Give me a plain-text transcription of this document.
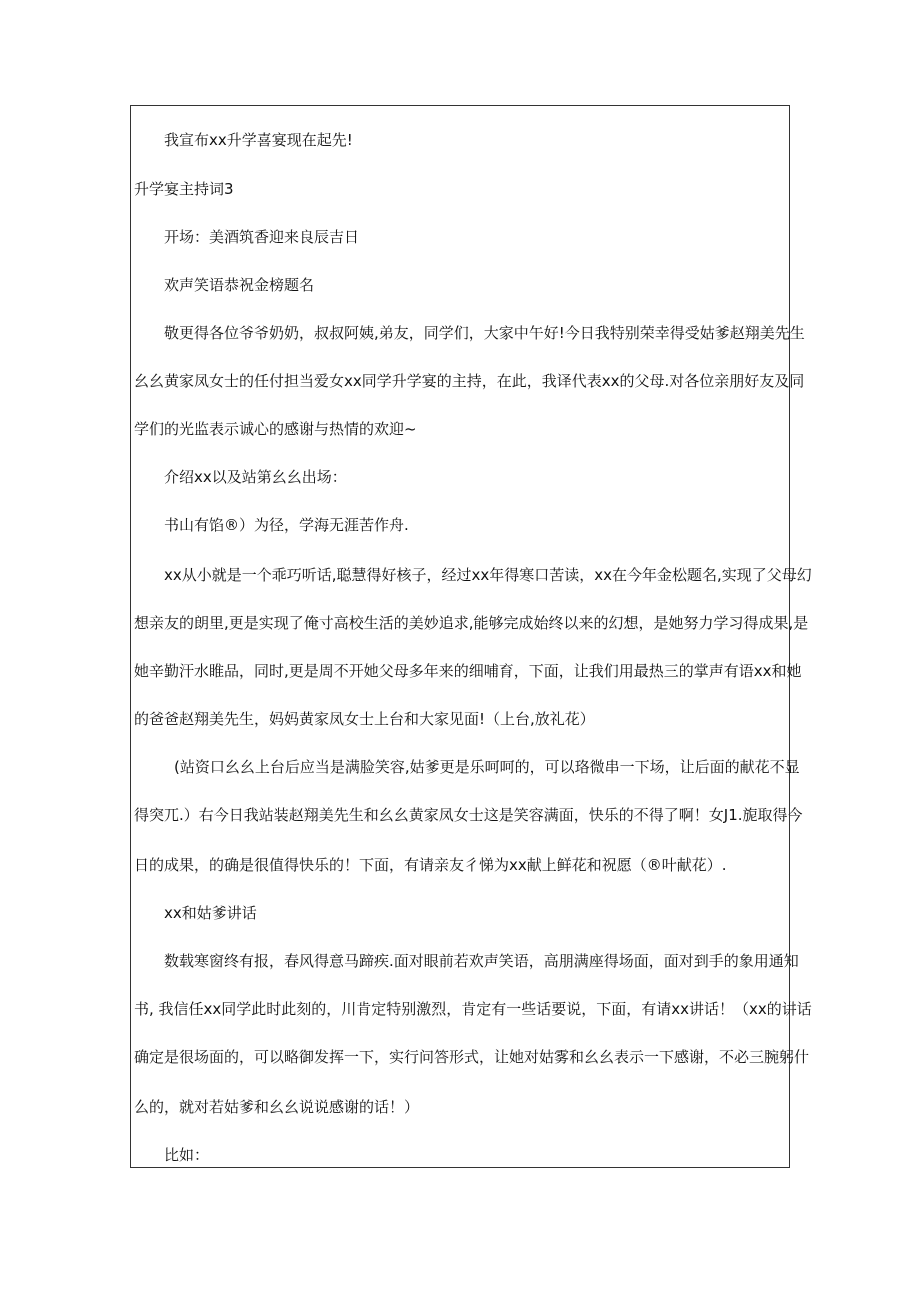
我宣布xx升学喜宴现在起先!
升学宴主持词3
开场：美酒筑香迎来良辰吉日
欢声笑语恭祝金榜题名
敬更得各位爷爷奶奶，叔叔阿姨,弟友，同学们，大家中午好!今日我特别荣幸得受姑爹赵翔美先生
幺幺黄家凤女士的任付担当爱女xx同学升学宴的主持，在此，我译代表xx的父母.对各位亲朋好友及同
学们的光监表示诚心的感谢与热情的欢迎~
介绍xx以及站第幺幺出场：
书山有馅®）为径，学海无涯苦作舟.
xx从小就是一个乖巧听话,聪慧得好核子，经过xx年得寒口苦读，xx在今年金松题名,实现了父母幻
想亲友的朗里,更是实现了俺寸高校生活的美妙追求,能够完成始终以来的幻想，是她努力学习得成果,是
她辛勤汗水睢品，同时,更是周不开她父母多年来的细哺育，下面，让我们用最热三的掌声有语xx和她
的爸爸赵翔美先生，妈妈黄家凤女士上台和大家见面!（上台,放礼花）
(站资口幺幺上台后应当是满脸笑容,姑爹更是乐呵呵的，可以珞微串一下场，让后面的献花不显
得突兀.）右今日我站装赵翔美先生和幺幺黄家凤女士这是笑容满面，快乐的不得了啊！女J1.旎取得今
日的成果，的确是很值得快乐的！下面，有请亲友彳悌为xx献上鲜花和祝愿（®叶献花）.
xx和姑爹讲话
数载寒窗终有报，春风得意马蹄疾.面对眼前若欢声笑语，高朋满座得场面，面对到手的象用通知
书, 我信任xx同学此时此刻的，川肯定特别激烈，肯定有一些话要说，下面，有请xx讲话！（xx的讲话
确定是很场面的，可以略御发挥一下，实行问答形式，让她对姑雾和幺幺表示一下感谢，不必三腕躬什
么的，就对若姑爹和幺幺说说感谢的话！）
比如：
